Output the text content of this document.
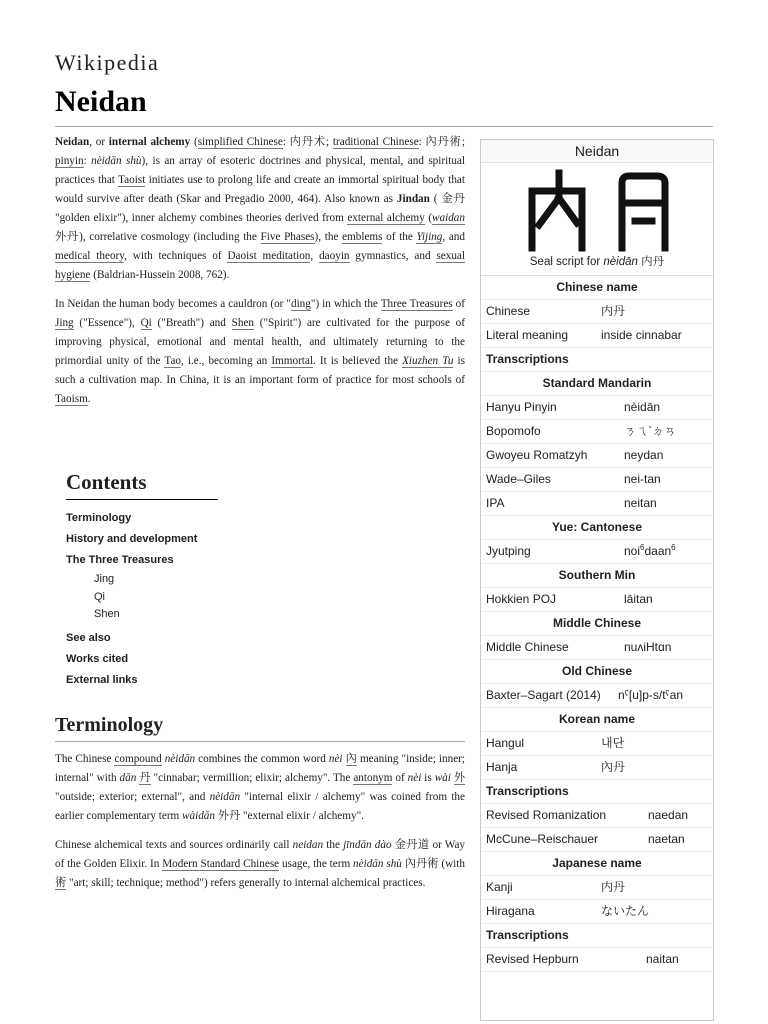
Wikipedia
Neidan

Neidan, or internal alchemy (simplified Chinese: 内丹术; traditional Chinese: 內丹術; pinyin: nèidān shù), is an array of esoteric doctrines and physical, mental, and spiritual practices that Taoist initiates use to prolong life and create an immortal spiritual body that would survive after death (Skar and Pregadio 2000, 464). Also known as Jindan ( 金丹 "golden elixir"), inner alchemy combines theories derived from external alchemy (waidan 外丹), correlative cosmology (including the Five Phases), the emblems of the Yijing, and medical theory, with techniques of Daoist meditation, daoyin gymnastics, and sexual hygiene (Baldrian-Hussein 2008, 762).

In Neidan the human body becomes a cauldron (or "ding") in which the Three Treasures of Jing ("Essence"), Qi ("Breath") and Shen ("Spirit") are cultivated for the purpose of improving physical, emotional and mental health, and ultimately returning to the primordial unity of the Tao, i.e., becoming an Immortal. It is believed the Xiuzhen Tu is such a cultivation map. In China, it is an important form of practice for most schools of Taoism.

Contents
Terminology
History and development
The Three Treasures
Jing
Qi
Shen
See also
Works cited
External links
Terminology

The Chinese compound nèidān combines the common word nèi 內 meaning "inside; inner; internal" with dān 丹 "cinnabar; vermillion; elixir; alchemy". The antonym of nèi is wài 外 "outside; exterior; external", and nèidān "internal elixir / alchemy" was coined from the earlier complementary term wàidān 外丹 "external elixir / alchemy".

Chinese alchemical texts and sources ordinarily call neidan the jīndān dào 金丹道 or Way of the Golden Elixir. In Modern Standard Chinese usage, the term nèidān shù 內丹術 (with 術 "art; skill; technique; method") refers generally to internal alchemical practices.

Neidan
Seal script for nèidān 内丹
Chinese name
Chinese	内丹
Literal meaning	inside cinnabar
Transcriptions
Standard Mandarin
Hanyu Pinyin	nèidān
Bopomofo	ㄋㄟˋㄉㄢ
Gwoyeu Romatzyh	neydan
Wade–Giles	nei-tan
IPA	neitan
Yue: Cantonese
Jyutping	noi$^6$daan$^6$
Southern Min
Hokkien POJ	lāitan
Middle Chinese
Middle Chinese	nuʌiHtɑn
Old Chinese
Baxter–Sagart (2014)	nˤ[u]p-s/tˤan
Korean name
Hangul	내단
Hanja	內丹
Transcriptions
Revised Romanization	naedan
McCune–Reischauer	naetan
Japanese name
Kanji	内丹
Hiragana	ないたん
Transcriptions
Revised Hepburn	naitan
